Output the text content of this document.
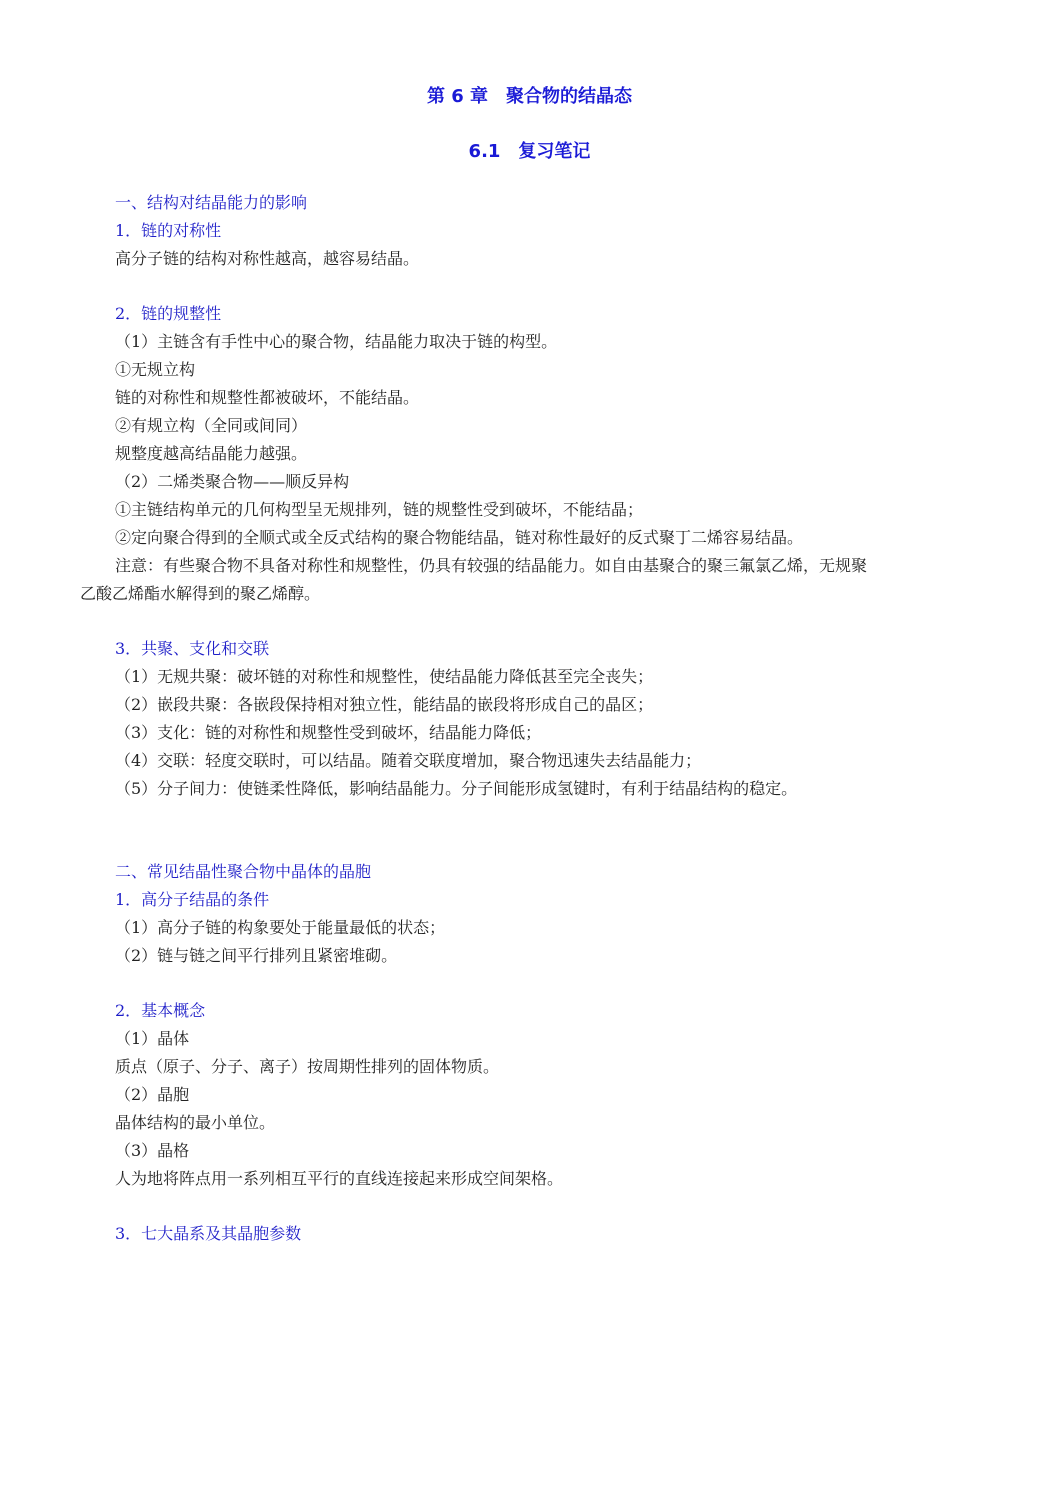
第 6 章　聚合物的结晶态
6.1　复习笔记

一、结构对结晶能力的影响

1．链的对称性

高分子链的结构对称性越高，越容易结晶。

2．链的规整性

（1）主链含有手性中心的聚合物，结晶能力取决于链的构型。

①无规立构

链的对称性和规整性都被破坏，不能结晶。

②有规立构（全同或间同）

规整度越高结晶能力越强。

（2）二烯类聚合物——顺反异构

①主链结构单元的几何构型呈无规排列，链的规整性受到破坏，不能结晶；

②定向聚合得到的全顺式或全反式结构的聚合物能结晶，链对称性最好的反式聚丁二烯容易结晶。

注意：有些聚合物不具备对称性和规整性，仍具有较强的结晶能力。如自由基聚合的聚三氟氯乙烯，无规聚

乙酸乙烯酯水解得到的聚乙烯醇。

3．共聚、支化和交联

（1）无规共聚：破坏链的对称性和规整性，使结晶能力降低甚至完全丧失；

（2）嵌段共聚：各嵌段保持相对独立性，能结晶的嵌段将形成自己的晶区；

（3）支化：链的对称性和规整性受到破坏，结晶能力降低；

（4）交联：轻度交联时，可以结晶。随着交联度增加，聚合物迅速失去结晶能力；

（5）分子间力：使链柔性降低，影响结晶能力。分子间能形成氢键时，有利于结晶结构的稳定。

二、常见结晶性聚合物中晶体的晶胞

1．高分子结晶的条件

（1）高分子链的构象要处于能量最低的状态；

（2）链与链之间平行排列且紧密堆砌。

2．基本概念

（1）晶体

质点（原子、分子、离子）按周期性排列的固体物质。

（2）晶胞

晶体结构的最小单位。

（3）晶格

人为地将阵点用一系列相互平行的直线连接起来形成空间架格。

3．七大晶系及其晶胞参数
